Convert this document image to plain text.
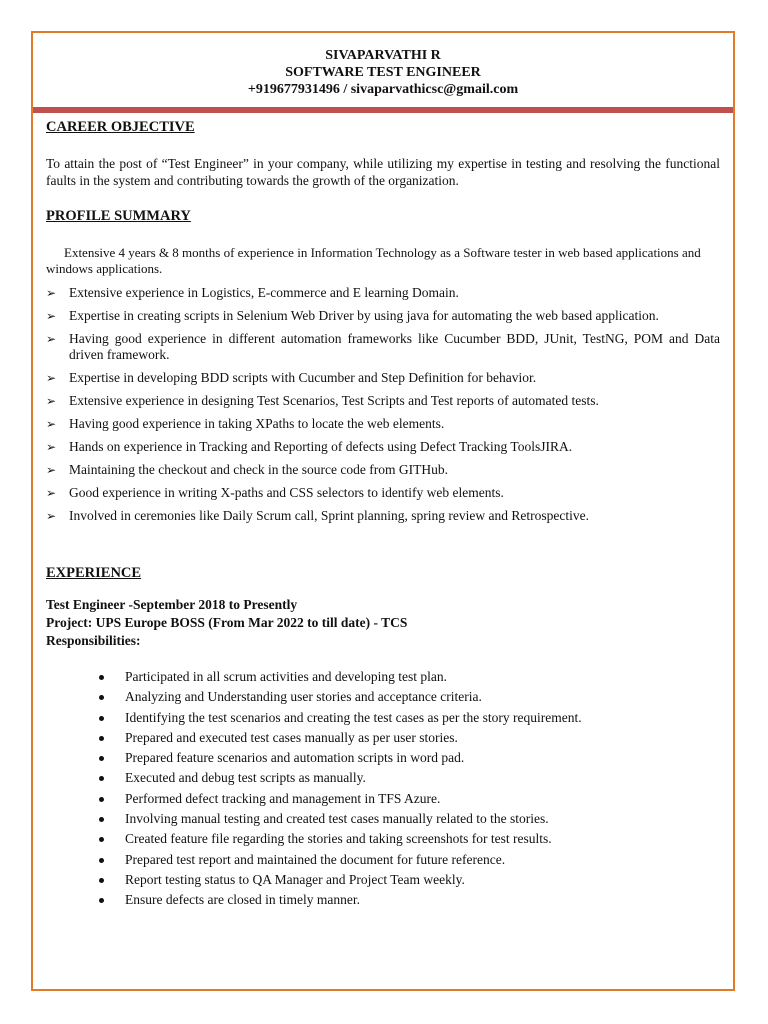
SIVAPARVATHI R
SOFTWARE TEST ENGINEER
+919677931496 / sivaparvathicsc@gmail.com
CAREER OBJECTIVE
To attain the post of “Test Engineer” in your company, while utilizing my expertise in testing and resolving the functional faults in the system and contributing towards the growth of the organization.
PROFILE SUMMARY
Extensive 4 years & 8 months of experience in Information Technology as a Software tester in web based applications and windows applications.
➢ Extensive experience in Logistics, E-commerce and E learning Domain.
➢ Expertise in creating scripts in Selenium Web Driver by using java for automating the web based application.
➢ Having good experience in different automation frameworks like Cucumber BDD, JUnit, TestNG, POM and Data driven framework.
➢ Expertise in developing BDD scripts with Cucumber and Step Definition for behavior.
➢ Extensive experience in designing Test Scenarios, Test Scripts and Test reports of automated tests.
➢ Having good experience in taking XPaths to locate the web elements.
➢ Hands on experience in Tracking and Reporting of defects using Defect Tracking ToolsJIRA.
➢ Maintaining the checkout and check in the source code from GITHub.
➢ Good experience in writing X-paths and CSS selectors to identify web elements.
➢ Involved in ceremonies like Daily Scrum call, Sprint planning, spring review and Retrospective.
EXPERIENCE
Test Engineer -September 2018 to Presently
Project: UPS Europe BOSS (From Mar 2022 to till date) - TCS
Responsibilities:
Participated in all scrum activities and developing test plan.
Analyzing and Understanding user stories and acceptance criteria.
Identifying the test scenarios and creating the test cases as per the story requirement.
Prepared and executed test cases manually as per user stories.
Prepared feature scenarios and automation scripts in word pad.
Executed and debug test scripts as manually.
Performed defect tracking and management in TFS Azure.
Involving manual testing and created test cases manually related to the stories.
Created feature file regarding the stories and taking screenshots for test results.
Prepared test report and maintained the document for future reference.
Report testing status to QA Manager and Project Team weekly.
Ensure defects are closed in timely manner.
